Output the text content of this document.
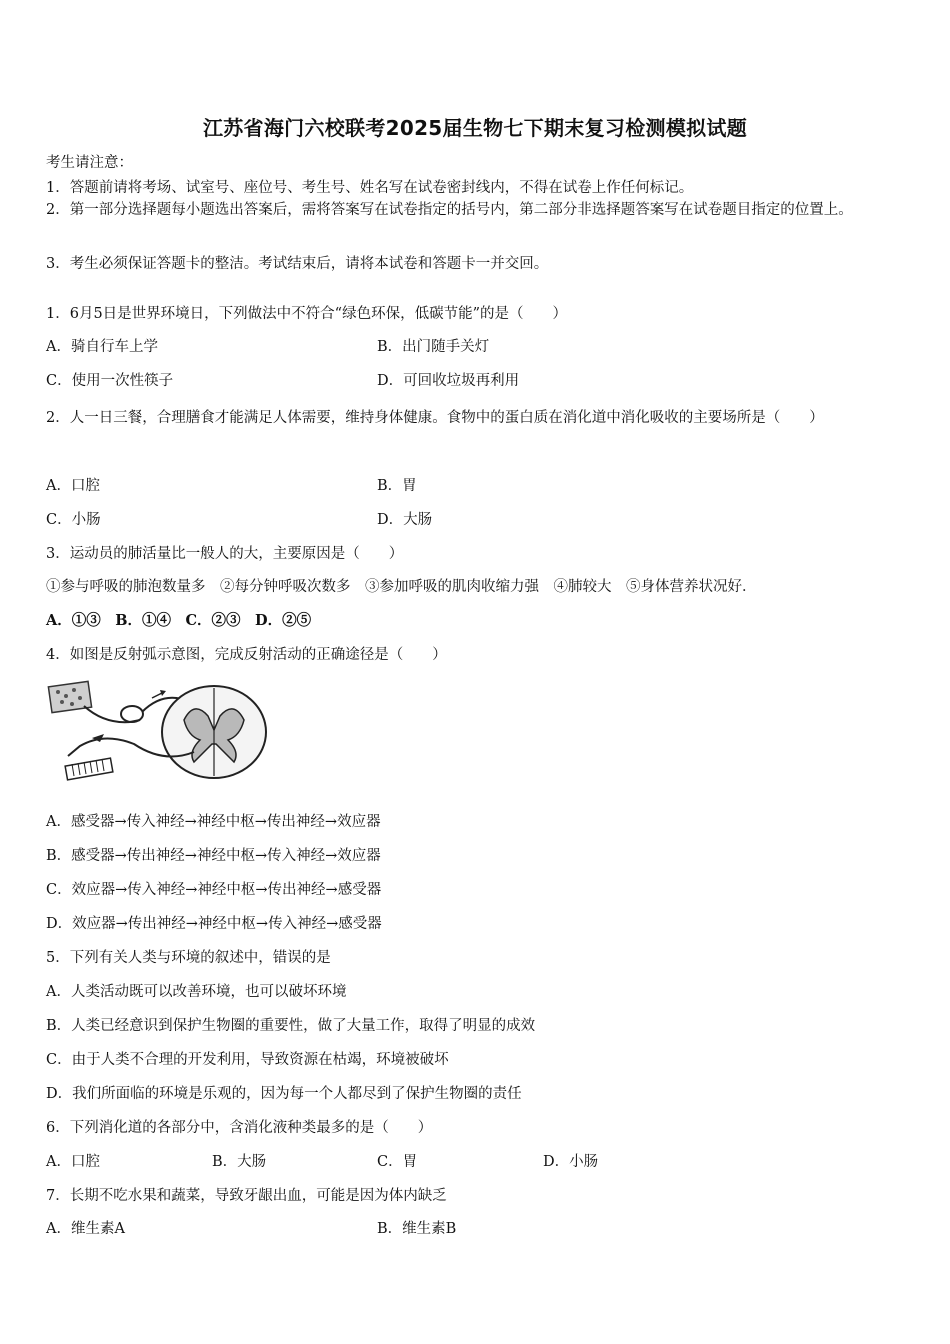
江苏省海门六校联考2025届生物七下期末复习检测模拟试题
考生请注意：
1．答题前请将考场、试室号、座位号、考生号、姓名写在试卷密封线内，不得在试卷上作任何标记。
2．第一部分选择题每小题选出答案后，需将答案写在试卷指定的括号内，第二部分非选择题答案写在试卷题目指定的位置上。
3．考生必须保证答题卡的整洁。考试结束后，请将本试卷和答题卡一并交回。
1．6月5日是世界环境日，下列做法中不符合“绿色环保，低碳节能”的是（　　）
A．骑自行车上学	B．出门随手关灯
C．使用一次性筷子	D．可回收垃圾再利用
2．人一日三餐，合理膳食才能满足人体需要，维持身体健康。食物中的蛋白质在消化道中消化吸收的主要场所是（　　）
A．口腔	B．胃
C．小肠	D．大肠
3．运动员的肺活量比一般人的大，主要原因是（　　）
①参与呼吸的肺泡数量多　②每分钟呼吸次数多　③参加呼吸的肌肉收缩力强　④肺较大　⑤身体营养状况好．
A．①③　B．①④　C．②③　D．②⑤
4．如图是反射弧示意图，完成反射活动的正确途径是（　　）
A．感受器→传入神经→神经中枢→传出神经→效应器
B．感受器→传出神经→神经中枢→传入神经→效应器
C．效应器→传入神经→神经中枢→传出神经→感受器
D．效应器→传出神经→神经中枢→传入神经→感受器
5．下列有关人类与环境的叙述中，错误的是
A．人类活动既可以改善环境，也可以破坏环境
B．人类已经意识到保护生物圈的重要性，做了大量工作，取得了明显的成效
C．由于人类不合理的开发利用，导致资源在枯竭，环境被破坏
D．我们所面临的环境是乐观的，因为每一个人都尽到了保护生物圈的责任
6．下列消化道的各部分中，含消化液种类最多的是（　　）
A．口腔	B．大肠	C．胃	D．小肠
7．长期不吃水果和蔬菜，导致牙龈出血，可能是因为体内缺乏
A．维生素A	B．维生素B
